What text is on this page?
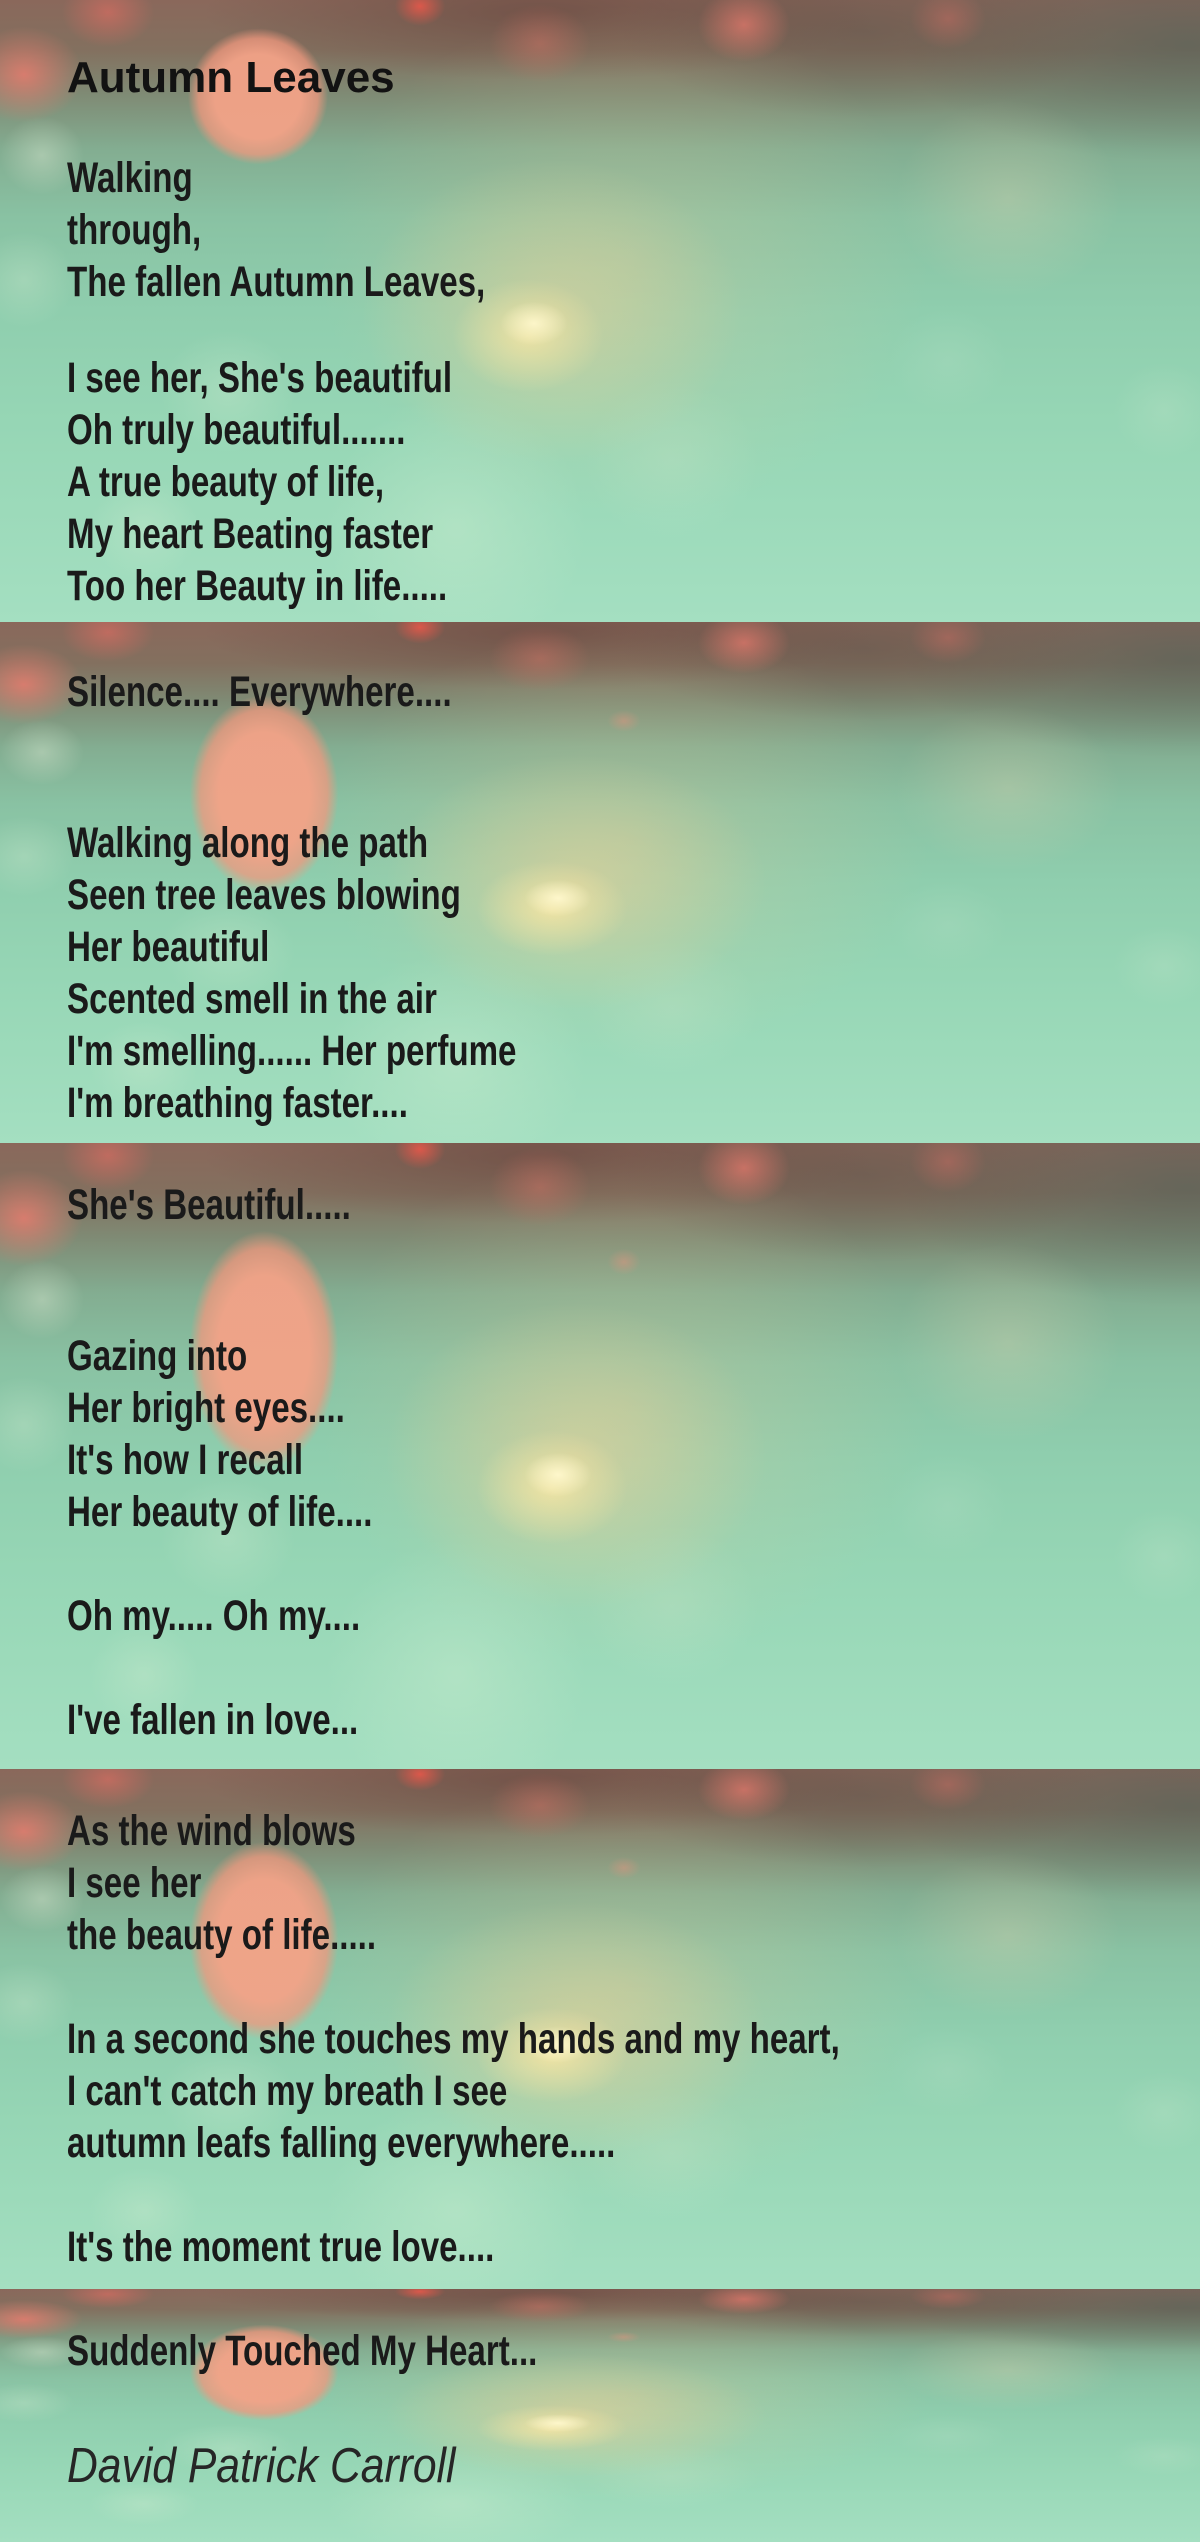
Autumn Leaves
Walking
through,
The fallen Autumn Leaves,
I see her, She's beautiful
Oh truly beautiful.......
A true beauty of life,
My heart Beating faster
Too her Beauty in life.....
Silence.... Everywhere....
Walking along the path
Seen tree leaves blowing
Her beautiful
Scented smell in the air
I'm smelling...... Her perfume
I'm breathing faster....
She's Beautiful.....
Gazing into
Her bright eyes....
It's how I recall
Her beauty of life....
Oh my..... Oh my....
I've fallen in love...
As the wind blows
I see her
the beauty of life.....
In a second she touches my hands and my heart,
I can't catch my breath I see
autumn leafs falling everywhere.....
It's the moment true love....
Suddenly Touched My Heart...
David Patrick Carroll
